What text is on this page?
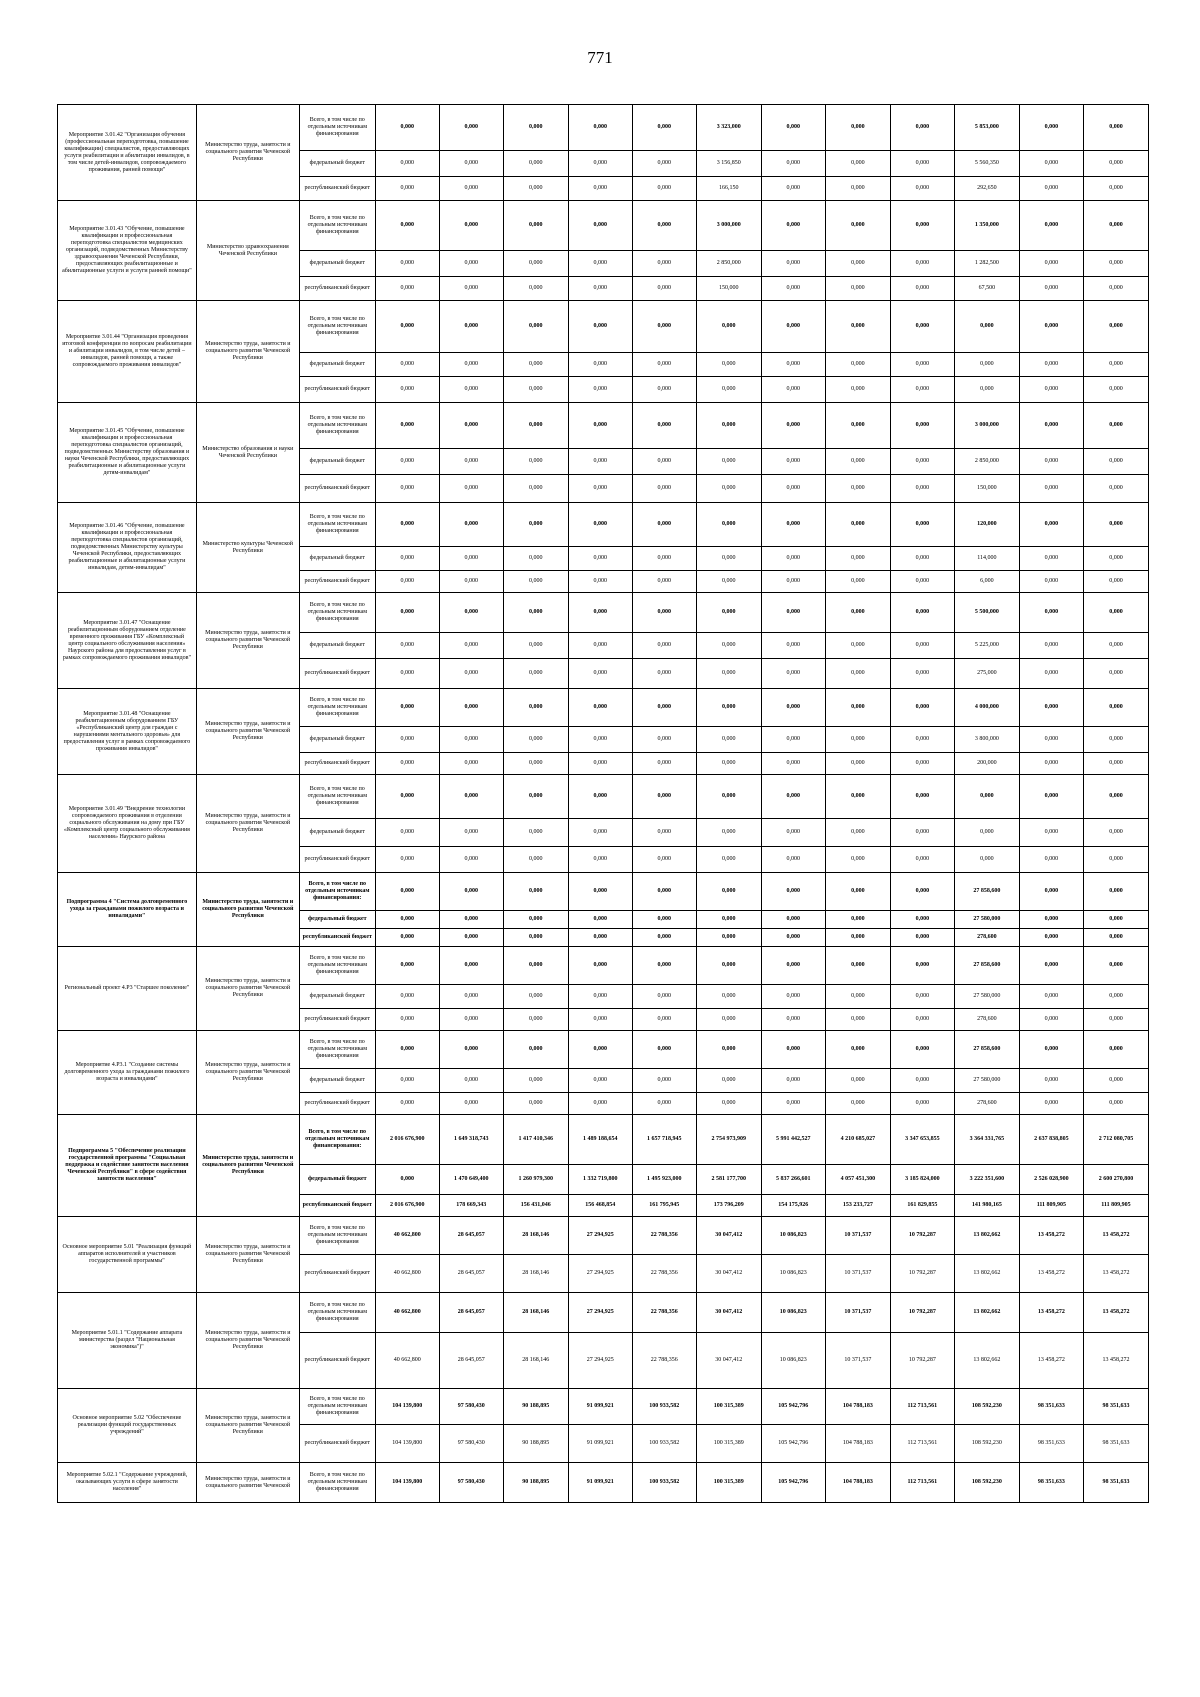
771
Мероприятие 3.01.42 "Организация обучения (профессиональная переподготовка, повышение квалификации) специалистов, предоставляющих услуги реабилитации и абилитации инвалидов, в том числе детей-инвалидов, сопровождаемого проживания, ранней помощи"	Министерство труда, занятости и социального развития Чеченской Республики	Всего, в том числе по отдельным источникам финансирования	0,000	0,000	0,000	0,000	0,000	3 323,000	0,000	0,000	0,000	5 853,000	0,000	0,000
		федеральный бюджет	0,000	0,000	0,000	0,000	0,000	3 156,850	0,000	0,000	0,000	5 560,350	0,000	0,000
		республиканский бюджет	0,000	0,000	0,000	0,000	0,000	166,150	0,000	0,000	0,000	292,650	0,000	0,000
Мероприятие 3.01.43 "Обучение, повышение квалификации и профессиональная переподготовка специалистов медицинских организаций, подведомственных Министерству здравоохранения Чеченской Республики, предоставляющих реабилитационные и абилитационные услуги и услуги ранней помощи"	Министерство здравоохранения Чеченской Республики	Всего, в том числе по отдельным источникам финансирования	0,000	0,000	0,000	0,000	0,000	3 000,000	0,000	0,000	0,000	1 350,000	0,000	0,000
		федеральный бюджет	0,000	0,000	0,000	0,000	0,000	2 850,000	0,000	0,000	0,000	1 282,500	0,000	0,000
		республиканский бюджет	0,000	0,000	0,000	0,000	0,000	150,000	0,000	0,000	0,000	67,500	0,000	0,000
Мероприятие 3.01.44 "Организация проведения итоговой конференции по вопросам реабилитации и абилитации инвалидов, в том числе детей – инвалидов, ранней помощи, а также сопровождаемого проживания инвалидов"	Министерство труда, занятости и социального развития Чеченской Республики	Всего, в том числе по отдельным источникам финансирования	0,000	0,000	0,000	0,000	0,000	0,000	0,000	0,000	0,000	0,000	0,000	0,000
		федеральный бюджет	0,000	0,000	0,000	0,000	0,000	0,000	0,000	0,000	0,000	0,000	0,000	0,000
		республиканский бюджет	0,000	0,000	0,000	0,000	0,000	0,000	0,000	0,000	0,000	0,000	0,000	0,000
Мероприятие 3.01.45 "Обучение, повышение квалификации и профессиональная переподготовка специалистов организаций, подведомственных Министерству образования и науки Чеченской Республики, предоставляющих реабилитационные и абилитационные услуги детям-инвалидам"	Министерство образования и науки Чеченской Республики	Всего, в том числе по отдельным источникам финансирования	0,000	0,000	0,000	0,000	0,000	0,000	0,000	0,000	0,000	3 000,000	0,000	0,000
		федеральный бюджет	0,000	0,000	0,000	0,000	0,000	0,000	0,000	0,000	0,000	2 850,000	0,000	0,000
		республиканский бюджет	0,000	0,000	0,000	0,000	0,000	0,000	0,000	0,000	0,000	150,000	0,000	0,000
Мероприятие 3.01.46 "Обучение, повышение квалификации и профессиональная переподготовка специалистов организаций, подведомственных Министерству культуры Чеченской Республики, предоставляющих реабилитационные и абилитационные услуги инвалидам, детям-инвалидам"	Министерство культуры Чеченской Республики	Всего, в том числе по отдельным источникам финансирования	0,000	0,000	0,000	0,000	0,000	0,000	0,000	0,000	0,000	120,000	0,000	0,000
		федеральный бюджет	0,000	0,000	0,000	0,000	0,000	0,000	0,000	0,000	0,000	114,000	0,000	0,000
		республиканский бюджет	0,000	0,000	0,000	0,000	0,000	0,000	0,000	0,000	0,000	6,000	0,000	0,000
Мероприятие 3.01.47 "Оснащение реабилитационным оборудованием отделение временного проживания ГБУ «Комплексный центр социального обслуживания населения» Наурского района для предоставления услуг в рамках сопровождаемого проживания инвалидов"	Министерство труда, занятости и социального развития Чеченской Республики	Всего, в том числе по отдельным источникам финансирования	0,000	0,000	0,000	0,000	0,000	0,000	0,000	0,000	0,000	5 500,000	0,000	0,000
		федеральный бюджет	0,000	0,000	0,000	0,000	0,000	0,000	0,000	0,000	0,000	5 225,000	0,000	0,000
		республиканский бюджет	0,000	0,000	0,000	0,000	0,000	0,000	0,000	0,000	0,000	275,000	0,000	0,000
Мероприятие 3.01.48 "Оснащение реабилитационным оборудованием ГБУ «Республиканский центр для граждан с нарушениями ментального здоровья» для предоставления услуг в рамках сопровождаемого проживания инвалидов"	Министерство труда, занятости и социального развития Чеченской Республики	Всего, в том числе по отдельным источникам финансирования	0,000	0,000	0,000	0,000	0,000	0,000	0,000	0,000	0,000	4 000,000	0,000	0,000
		федеральный бюджет	0,000	0,000	0,000	0,000	0,000	0,000	0,000	0,000	0,000	3 800,000	0,000	0,000
		республиканский бюджет	0,000	0,000	0,000	0,000	0,000	0,000	0,000	0,000	0,000	200,000	0,000	0,000
Мероприятие 3.01.49 "Внедрение технологии сопровождаемого проживания в отделении социального обслуживания на дому при ГБУ «Комплексный центр социального обслуживания населения» Наурского района	Министерство труда, занятости и социального развития Чеченской Республики	Всего, в том числе по отдельным источникам финансирования	0,000	0,000	0,000	0,000	0,000	0,000	0,000	0,000	0,000	0,000	0,000	0,000
		федеральный бюджет	0,000	0,000	0,000	0,000	0,000	0,000	0,000	0,000	0,000	0,000	0,000	0,000
		республиканский бюджет	0,000	0,000	0,000	0,000	0,000	0,000	0,000	0,000	0,000	0,000	0,000	0,000
Подпрограмма 4 "Система долговременного ухода за гражданами пожилого возраста и инвалидами"	Министерство труда, занятости и социального развития Чеченской Республики	Всего, в том числе по отдельным источникам финансирования:	0,000	0,000	0,000	0,000	0,000	0,000	0,000	0,000	0,000	27 858,600	0,000	0,000
		федеральный бюджет	0,000	0,000	0,000	0,000	0,000	0,000	0,000	0,000	0,000	27 580,000	0,000	0,000
		республиканский бюджет	0,000	0,000	0,000	0,000	0,000	0,000	0,000	0,000	0,000	278,600	0,000	0,000
Региональный проект 4.P3 "Старшее поколение"	Министерство труда, занятости и социального развития Чеченской Республики	Всего, в том числе по отдельным источникам финансирования	0,000	0,000	0,000	0,000	0,000	0,000	0,000	0,000	0,000	27 858,600	0,000	0,000
		федеральный бюджет	0,000	0,000	0,000	0,000	0,000	0,000	0,000	0,000	0,000	27 580,000	0,000	0,000
		республиканский бюджет	0,000	0,000	0,000	0,000	0,000	0,000	0,000	0,000	0,000	278,600	0,000	0,000
Мероприятие 4.P3.1 "Создание системы долговременного ухода за гражданами пожилого возраста и инвалидами"	Министерство труда, занятости и социального развития Чеченской Республики	Всего, в том числе по отдельным источникам финансирования	0,000	0,000	0,000	0,000	0,000	0,000	0,000	0,000	0,000	27 858,600	0,000	0,000
		федеральный бюджет	0,000	0,000	0,000	0,000	0,000	0,000	0,000	0,000	0,000	27 580,000	0,000	0,000
		республиканский бюджет	0,000	0,000	0,000	0,000	0,000	0,000	0,000	0,000	0,000	278,600	0,000	0,000
Подпрограмма 5 "Обеспечение реализации государственной программы "Социальная поддержка и содействие занятости населения Чеченской Республики" в сфере содействия занятости населения"	Министерство труда, занятости и социального развития Чеченской Республики	Всего, в том числе по отдельным источникам финансирования:	2 016 676,900	1 649 318,743	1 417 410,346	1 489 188,654	1 657 718,945	2 754 973,909	5 991 442,527	4 210 685,027	3 347 653,855	3 364 331,765	2 637 838,805	2 712 080,705
		федеральный бюджет	0,000	1 470 649,400	1 260 979,300	1 332 719,800	1 495 923,000	2 581 177,700	5 837 266,601	4 057 451,300	3 185 824,000	3 222 351,600	2 526 028,900	2 600 270,800
		республиканский бюджет	2 016 676,900	178 669,343	156 431,046	156 468,854	161 795,945	173 796,209	154 175,926	153 233,727	161 829,855	141 980,165	111 809,905	111 809,905
Основное мероприятие 5.01 "Реализация функций аппаратов исполнителей и участников государственной программы"	Министерство труда, занятости и социального развития Чеченской Республики	Всего, в том числе по отдельным источникам финансирования	40 662,800	28 645,057	28 168,146	27 294,925	22 788,356	30 047,412	10 086,823	10 371,537	10 792,287	13 802,662	13 458,272	13 458,272
		республиканский бюджет	40 662,800	28 645,057	28 168,146	27 294,925	22 788,356	30 047,412	10 086,823	10 371,537	10 792,287	13 802,662	13 458,272	13 458,272
Мероприятие 5.01.1 "Содержание аппарата министерства (раздел "Национальная экономика")"	Министерство труда, занятости и социального развития Чеченской Республики	Всего, в том числе по отдельным источникам финансирования	40 662,800	28 645,057	28 168,146	27 294,925	22 788,356	30 047,412	10 086,823	10 371,537	10 792,287	13 802,662	13 458,272	13 458,272
		республиканский бюджет	40 662,800	28 645,057	28 168,146	27 294,925	22 788,356	30 047,412	10 086,823	10 371,537	10 792,287	13 802,662	13 458,272	13 458,272
Основное мероприятие 5.02 "Обеспечение реализации функций государственных учреждений"	Министерство труда, занятости и социального развития Чеченской Республики	Всего, в том числе по отдельным источникам финансирования	104 139,800	97 580,430	90 188,895	91 099,921	100 933,582	100 315,389	105 942,796	104 788,183	112 713,561	108 592,230	98 351,633	98 351,633
		республиканский бюджет	104 139,800	97 580,430	90 188,895	91 099,921	100 933,582	100 315,389	105 942,796	104 788,183	112 713,561	108 592,230	98 351,633	98 351,633
Мероприятие 5.02.1 "Содержание учреждений, оказывающих услуги в сфере занятости населения"	Министерство труда, занятости и социального развития Чеченской	Всего, в том числе по отдельным источникам финансирования	104 139,800	97 580,430	90 188,895	91 099,921	100 933,582	100 315,389	105 942,796	104 788,183	112 713,561	108 592,230	98 351,633	98 351,633
